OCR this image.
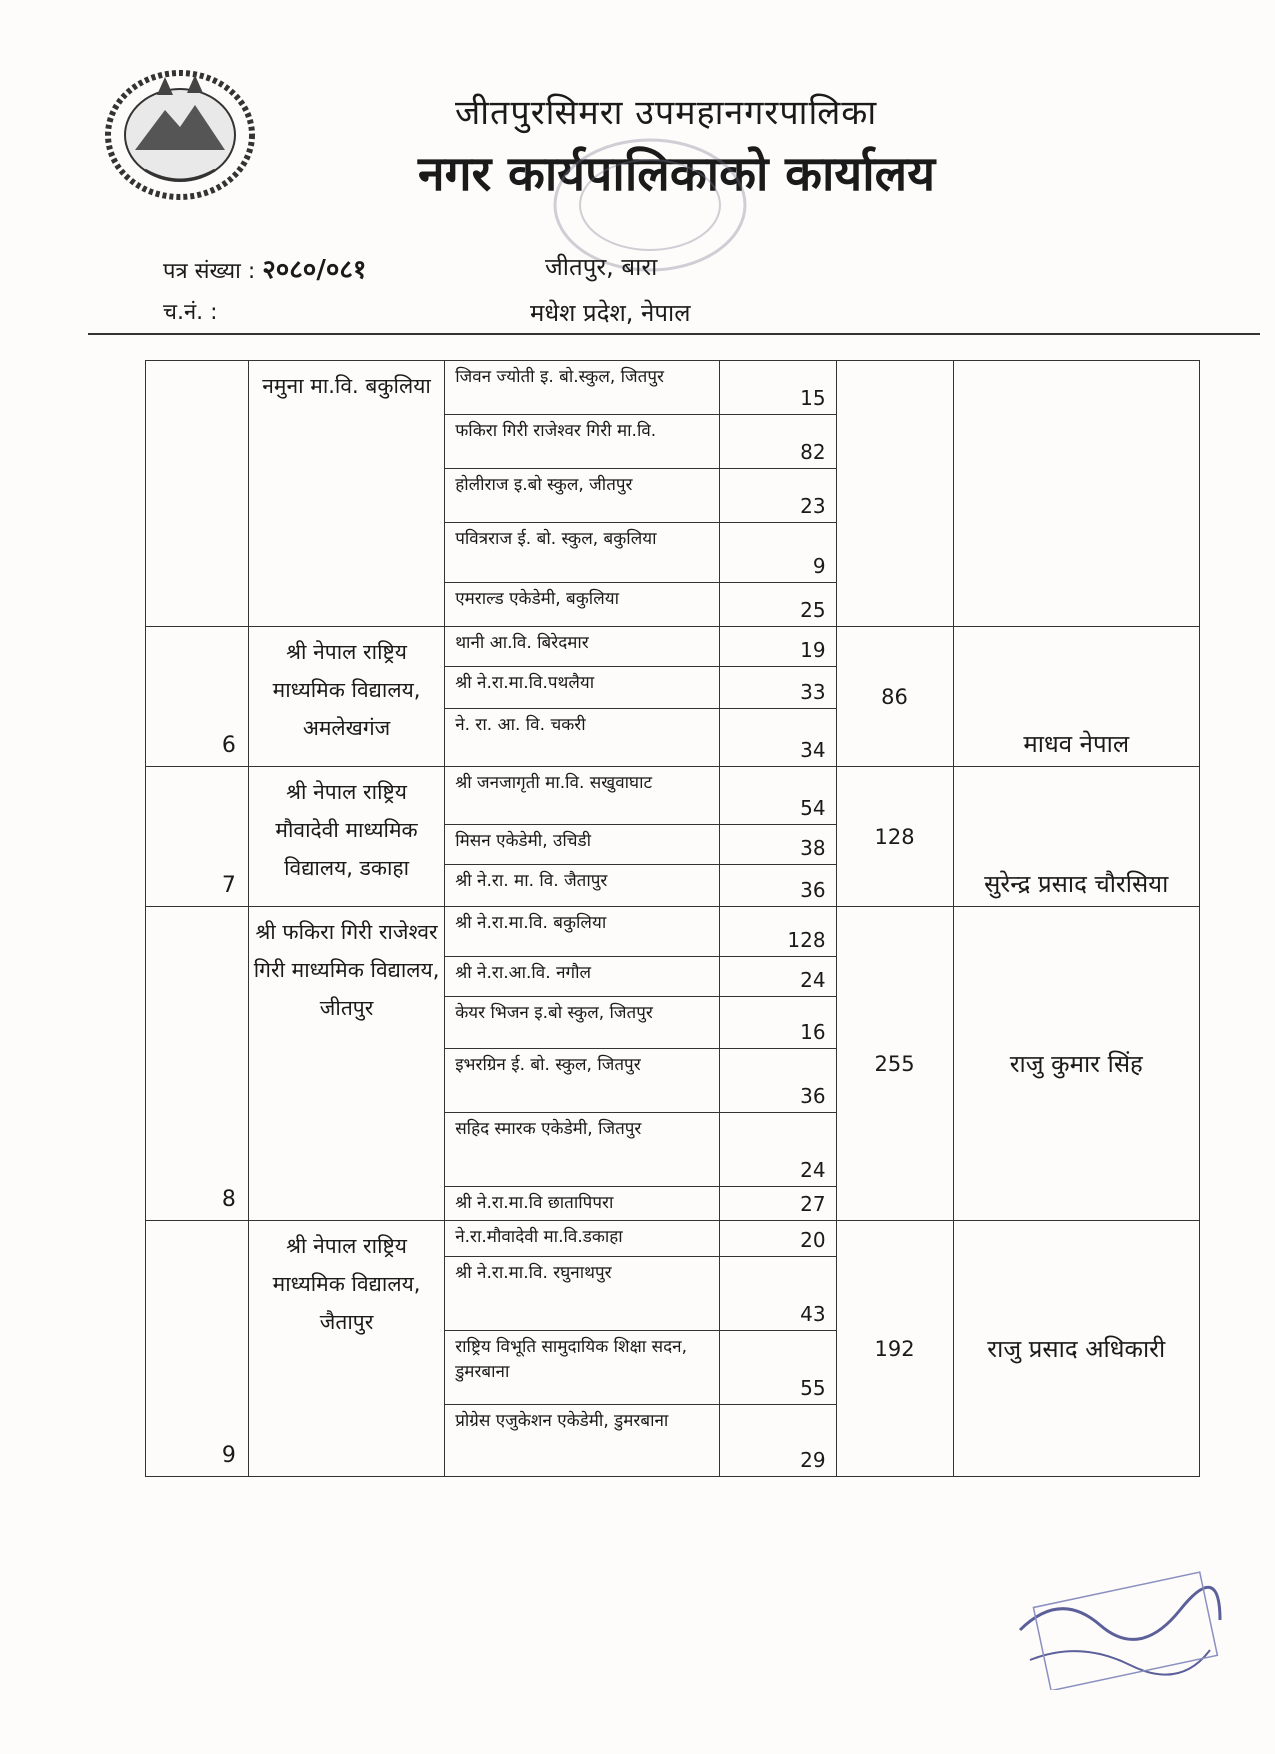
जीतपुरसिमरा उपमहानगरपालिका
नगर कार्यपालिकाको कार्यालय
पत्र संख्या : २०८०/०८१
च.नं. :
जीतपुर, बारा
मधेश प्रदेश, नेपाल
	नमुना मा.वि. बकुलिया	जिवन ज्योती इ. बो.स्कुल, जितपुर	15		
		फकिरा गिरी राजेश्वर गिरी मा.वि.	82		
		होलीराज इ.बो स्कुल, जीतपुर	23		
		पवित्रराज ई. बो. स्कुल, बकुलिया	9		
		एमराल्ड एकेडेमी, बकुलिया	25		
6	श्री नेपाल राष्ट्रिय माध्यमिक विद्यालय, अमलेखगंज	थानी आ.वि. बिरेदमार	19	86	माधव नेपाल
		श्री ने.रा.मा.वि.पथलैया	33		
		ने. रा. आ. वि. चकरी	34		
7	श्री नेपाल राष्ट्रिय मौवादेवी माध्यमिक विद्यालय, डकाहा	श्री जनजागृती मा.वि. सखुवाघाट	54	128	सुरेन्द्र प्रसाद चौरसिया
		मिसन एकेडेमी, उचिडी	38		
		श्री ने.रा. मा. वि. जैतापुर	36		
8	श्री फकिरा गिरी राजेश्वर गिरी माध्यमिक विद्यालय, जीतपुर	श्री ने.रा.मा.वि. बकुलिया	128	255	राजु कुमार सिंह
		श्री ने.रा.आ.वि. नगौल	24		
		केयर भिजन इ.बो स्कुल, जितपुर	16		
		इभरग्रिन ई. बो. स्कुल, जितपुर	36		
		सहिद स्मारक एकेडेमी, जितपुर	24		
		श्री ने.रा.मा.वि छातापिपरा	27		
9	श्री नेपाल राष्ट्रिय माध्यमिक विद्यालय, जैतापुर	ने.रा.मौवादेवी मा.वि.डकाहा	20	192	राजु प्रसाद अधिकारी
		श्री ने.रा.मा.वि. रघुनाथपुर	43		
		राष्ट्रिय विभूति सामुदायिक शिक्षा सदन, डुमरबाना	55		
		प्रोग्रेस एजुकेशन एकेडेमी, डुमरबाना	29		
